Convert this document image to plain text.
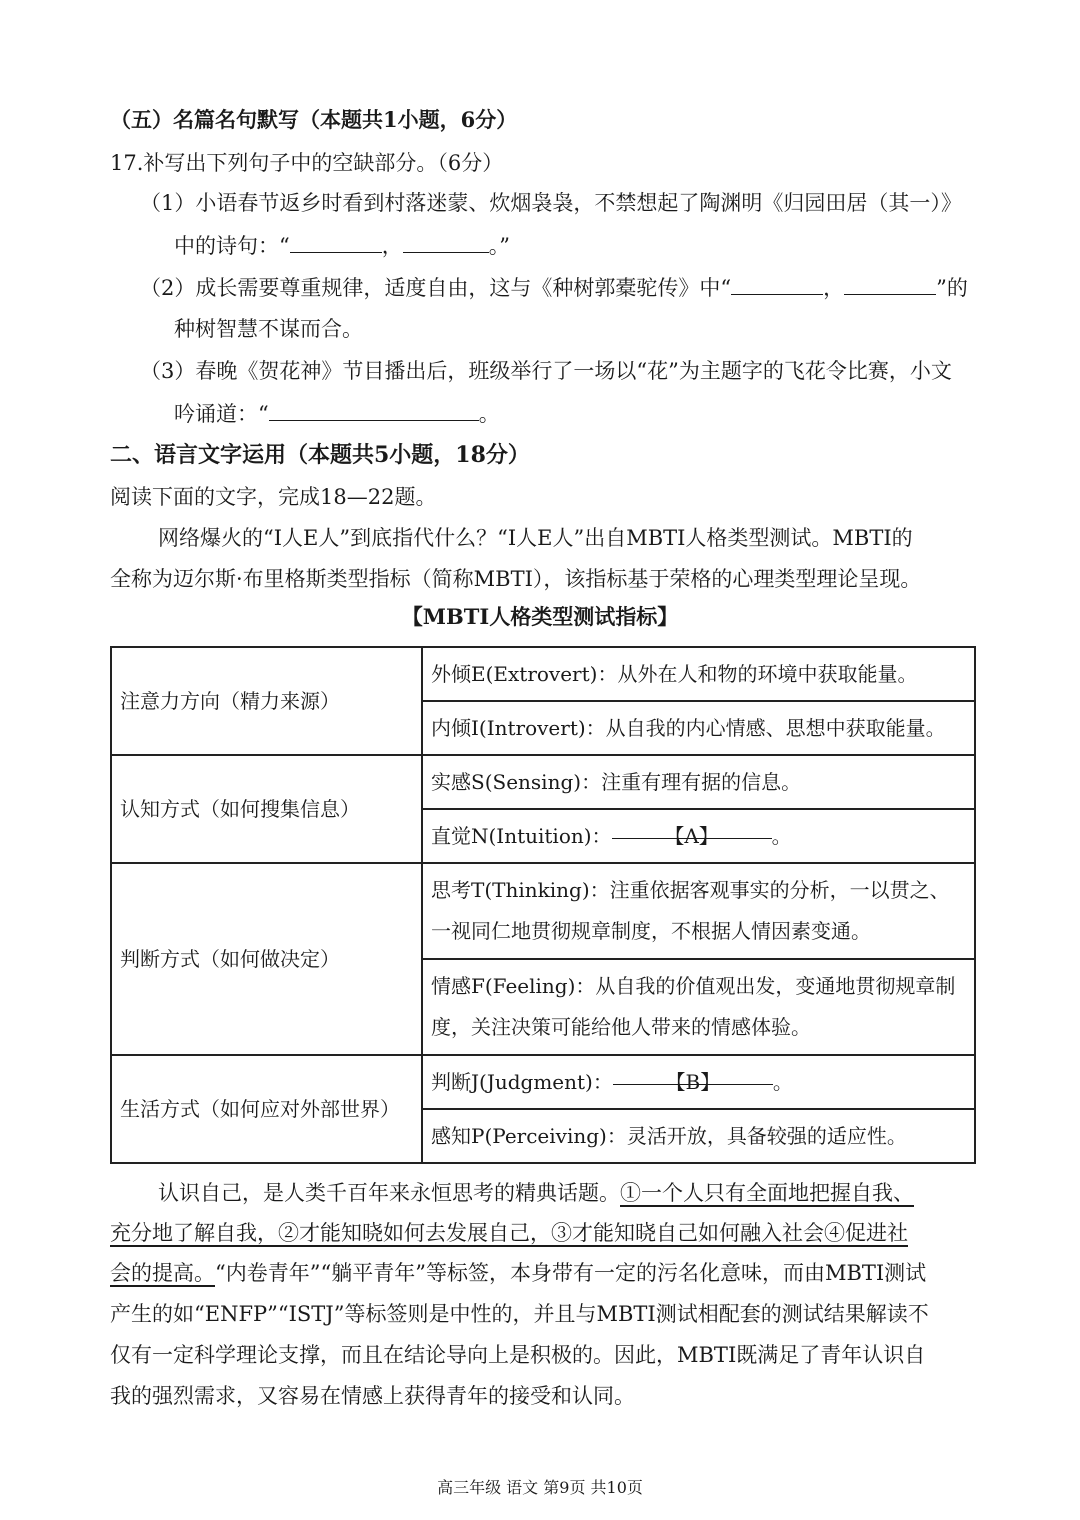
（五）名篇名句默写（本题共1小题，6分）
17.补写出下列句子中的空缺部分。（6分）
（1）小语春节返乡时看到村落迷蒙、炊烟袅袅，不禁想起了陶渊明《归园田居（其一）》
中的诗句：“	，	。”
（2）成长需要尊重规律，适度自由，这与《种树郭橐驼传》中“	，	”的
种树智慧不谋而合。
（3）春晚《贺花神》节目播出后，班级举行了一场以“花”为主题字的飞花令比赛，小文
吟诵道：“	。
二、语言文字运用（本题共5小题，18分）
阅读下面的文字，完成18—22题。
网络爆火的“I人E人”到底指代什么？“I人E人”出自MBTI人格类型测试。MBTI的
全称为迈尔斯·布里格斯类型指标（简称MBTI），该指标基于荣格的心理类型理论呈现。
【MBTI人格类型测试指标】
注意力方向（精力来源）	外倾E(Extrovert)：从外在人和物的环境中获取能量。
	内倾I(Introvert)：从自我的内心情感、思想中获取能量。
认知方式（如何搜集信息）	实感S(Sensing)：注重有理有据的信息。
	直觉N(Intuition)： 【A】 。
判断方式（如何做决定）	思考T(Thinking)：注重依据客观事实的分析，一以贯之、一视同仁地贯彻规章制度，不根据人情因素变通。
	情感F(Feeling)：从自我的价值观出发，变通地贯彻规章制度，关注决策可能给他人带来的情感体验。
生活方式（如何应对外部世界）	判断J(Judgment)： 【B】 。
	感知P(Perceiving)：灵活开放，具备较强的适应性。
认识自己，是人类千百年来永恒思考的精典话题。①一个人只有全面地把握自我、
充分地了解自我，②才能知晓如何去发展自己，③才能知晓自己如何融入社会④促进社
会的提高。“内卷青年”“躺平青年”等标签，本身带有一定的污名化意味，而由MBTI测试
产生的如“ENFP”“ISTJ”等标签则是中性的，并且与MBTI测试相配套的测试结果解读不
仅有一定科学理论支撑，而且在结论导向上是积极的。因此，MBTI既满足了青年认识自
我的强烈需求，又容易在情感上获得青年的接受和认同。
高三年级 语文 第9页 共10页
